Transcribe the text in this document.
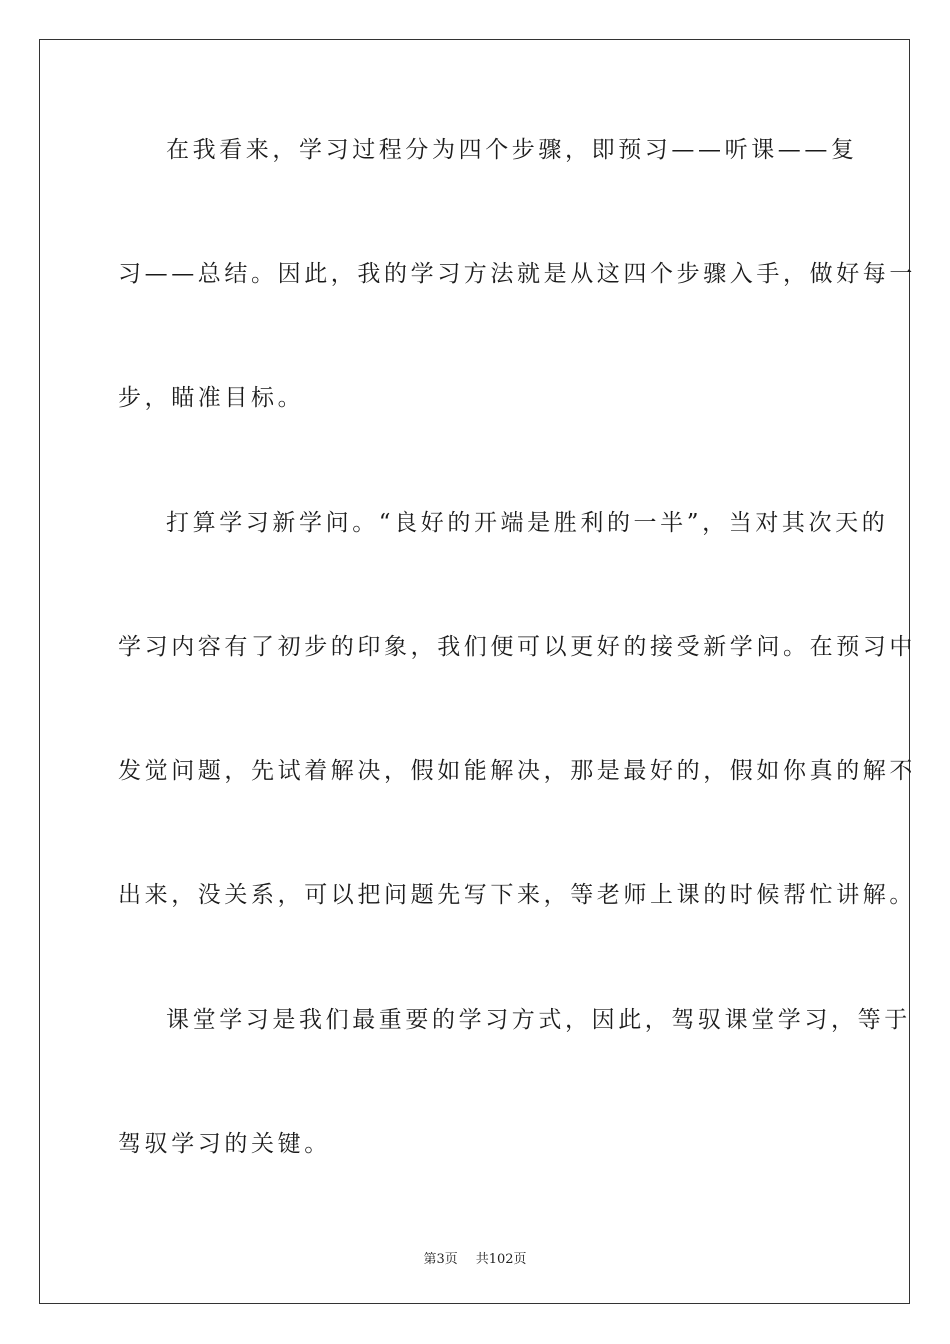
在我看来，学习过程分为四个步骤，即预习——听课——复
习——总结。因此，我的学习方法就是从这四个步骤入手，做好每一
步，瞄准目标。
打算学习新学问。“良好的开端是胜利的一半”，当对其次天的
学习内容有了初步的印象，我们便可以更好的接受新学问。在预习中
发觉问题，先试着解决，假如能解决，那是最好的，假如你真的解不
出来，没关系，可以把问题先写下来，等老师上课的时候帮忙讲解。
课堂学习是我们最重要的学习方式，因此，驾驭课堂学习，等于
驾驭学习的关键。
第3页 共102页
